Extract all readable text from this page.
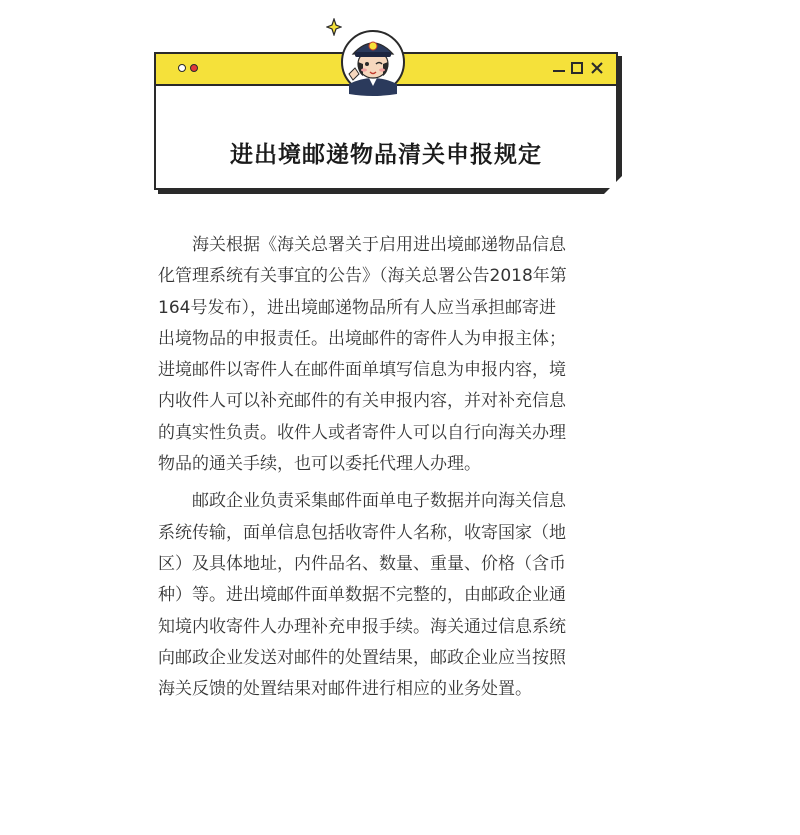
进出境邮递物品清关申报规定
　　海关根据《海关总署关于启用进出境邮递物品信息
化管理系统有关事宜的公告》（海关总署公告2018年第
164号发布），进出境邮递物品所有人应当承担邮寄进
出境物品的申报责任。出境邮件的寄件人为申报主体；
进境邮件以寄件人在邮件面单填写信息为申报内容，境
内收件人可以补充邮件的有关申报内容，并对补充信息
的真实性负责。收件人或者寄件人可以自行向海关办理
物品的通关手续，也可以委托代理人办理。
　　邮政企业负责采集邮件面单电子数据并向海关信息
系统传输，面单信息包括收寄件人名称，收寄国家（地
区）及具体地址，内件品名、数量、重量、价格（含币
种）等。进出境邮件面单数据不完整的，由邮政企业通
知境内收寄件人办理补充申报手续。海关通过信息系统
向邮政企业发送对邮件的处置结果，邮政企业应当按照
海关反馈的处置结果对邮件进行相应的业务处置。
